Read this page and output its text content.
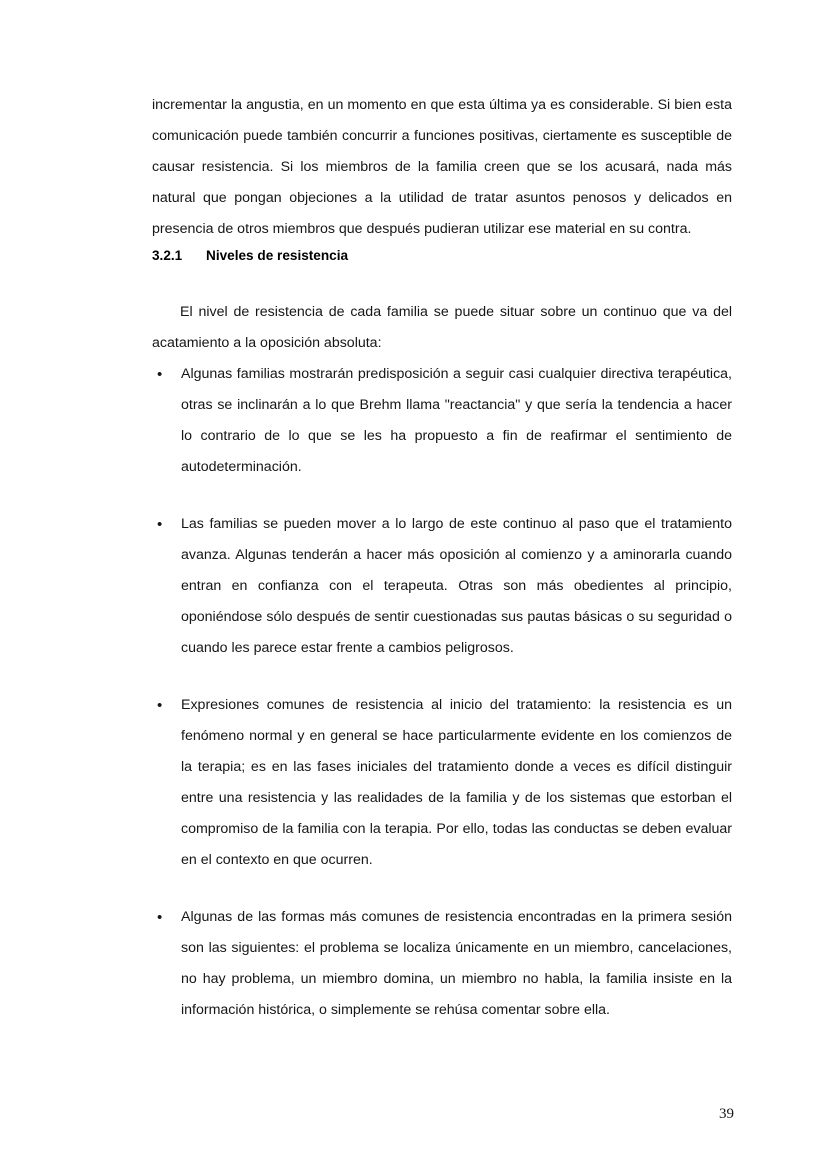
incrementar la angustia, en un momento en que esta última ya es considerable. Si bien esta comunicación puede también concurrir a funciones positivas, ciertamente es susceptible de causar resistencia. Si los miembros de la familia creen que se los acusará, nada más natural que pongan objeciones a la utilidad de tratar asuntos penosos y delicados en presencia de otros miembros que después pudieran utilizar ese material en su contra.

3.2.1 Niveles de resistencia

El nivel de resistencia de cada familia se puede situar sobre un continuo que va del acatamiento a la oposición absoluta:

• Algunas familias mostrarán predisposición a seguir casi cualquier directiva terapéutica, otras se inclinarán a lo que Brehm llama "reactancia" y que sería la tendencia a hacer lo contrario de lo que se les ha propuesto a fin de reafirmar el sentimiento de autodeterminación.
• Las familias se pueden mover a lo largo de este continuo al paso que el tratamiento avanza. Algunas tenderán a hacer más oposición al comienzo y a aminorarla cuando entran en confianza con el terapeuta. Otras son más obedientes al principio, oponiéndose sólo después de sentir cuestionadas sus pautas básicas o su seguridad o cuando les parece estar frente a cambios peligrosos.
• Expresiones comunes de resistencia al inicio del tratamiento: la resistencia es un fenómeno normal y en general se hace particularmente evidente en los comienzos de la terapia; es en las fases iniciales del tratamiento donde a veces es difícil distinguir entre una resistencia y las realidades de la familia y de los sistemas que estorban el compromiso de la familia con la terapia. Por ello, todas las conductas se deben evaluar en el contexto en que ocurren.
• Algunas de las formas más comunes de resistencia encontradas en la primera sesión son las siguientes: el problema se localiza únicamente en un miembro, cancelaciones, no hay problema, un miembro domina, un miembro no habla, la familia insiste en la información histórica, o simplemente se rehúsa comentar sobre ella.
39
